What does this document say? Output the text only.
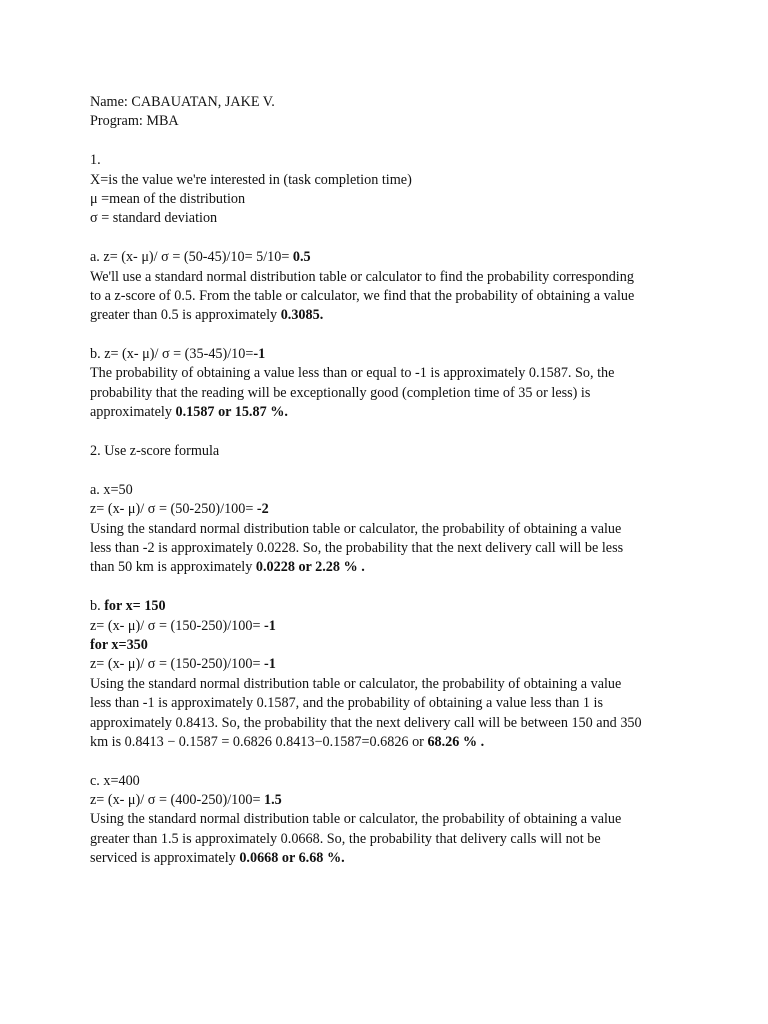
Name: CABAUATAN, JAKE V.
Program: MBA
1.
X=is the value we're interested in (task completion time)
μ =mean of the distribution
σ = standard deviation
a. z= (x- μ)/ σ = (50-45)/10= 5/10= 0.5
We'll use a standard normal distribution table or calculator to find the probability corresponding
to a z-score of 0.5. From the table or calculator, we find that the probability of obtaining a value
greater than 0.5 is approximately 0.3085.
b. z= (x- μ)/ σ = (35-45)/10=-1
The probability of obtaining a value less than or equal to -1 is approximately 0.1587. So, the
probability that the reading will be exceptionally good (completion time of 35 or less) is
approximately 0.1587 or 15.87 %.
2. Use z-score formula
a. x=50
z= (x- μ)/ σ = (50-250)/100= -2
Using the standard normal distribution table or calculator, the probability of obtaining a value
less than -2 is approximately 0.0228. So, the probability that the next delivery call will be less
than 50 km is approximately 0.0228 or 2.28 % .
b. for x= 150
z= (x- μ)/ σ = (150-250)/100= -1
for x=350
z= (x- μ)/ σ = (150-250)/100= -1
Using the standard normal distribution table or calculator, the probability of obtaining a value
less than -1 is approximately 0.1587, and the probability of obtaining a value less than 1 is
approximately 0.8413. So, the probability that the next delivery call will be between 150 and 350
km is 0.8413 − 0.1587 = 0.6826 0.8413−0.1587=0.6826 or 68.26 % .
c. x=400
z= (x- μ)/ σ = (400-250)/100= 1.5
Using the standard normal distribution table or calculator, the probability of obtaining a value
greater than 1.5 is approximately 0.0668. So, the probability that delivery calls will not be
serviced is approximately 0.0668 or 6.68 %.
